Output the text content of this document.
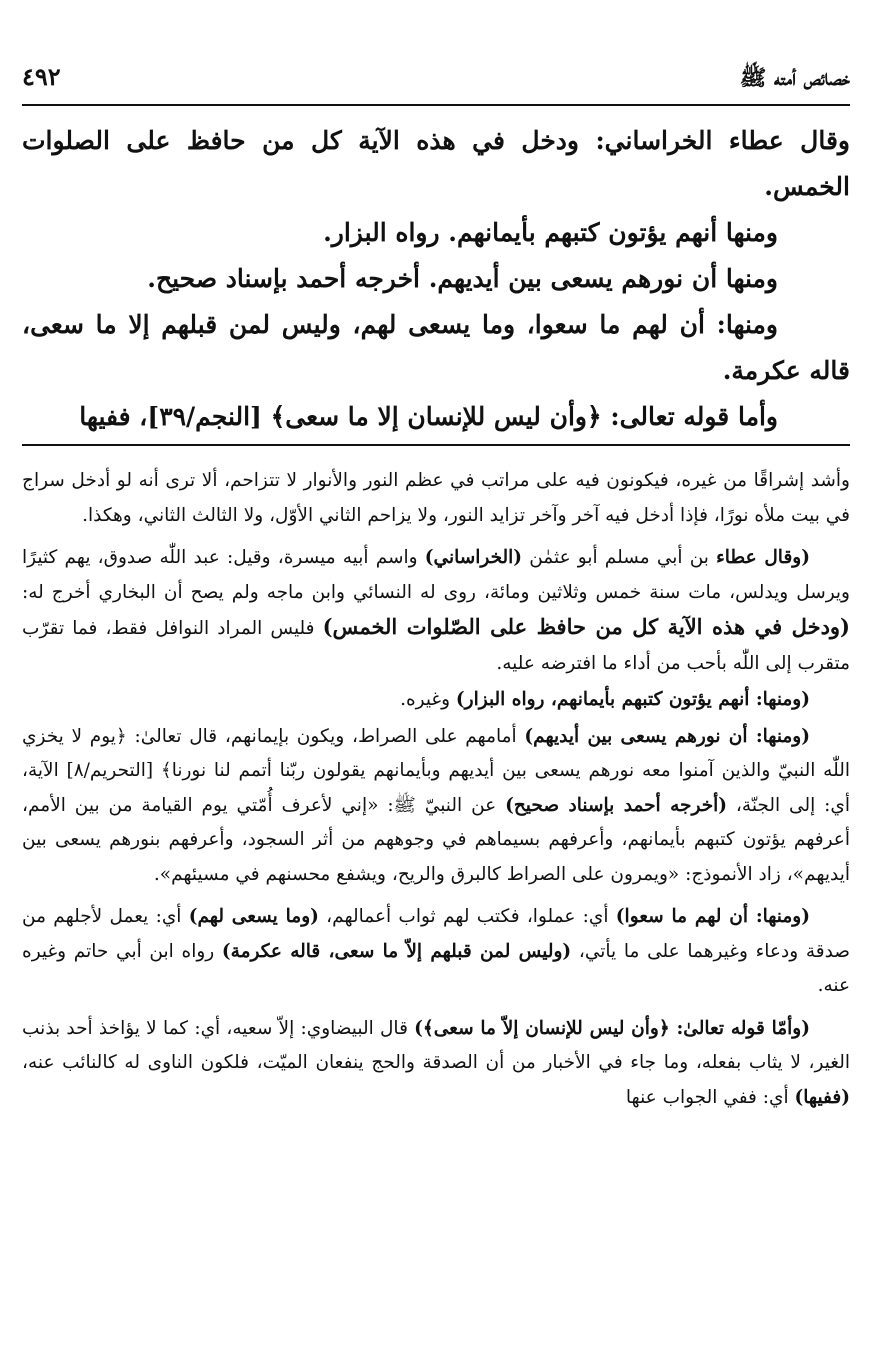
خصائص أمته ﷺ
٤٩٢

وقال عطاء الخراساني: ودخل في هذه الآية كل من حافظ على الصلوات الخمس.

ومنها أنهم يؤتون كتبهم بأيمانهم. رواه البزار.

ومنها أن نورهم يسعى بين أيديهم. أخرجه أحمد بإسناد صحيح.

ومنها: أن لهم ما سعوا، وما يسعى لهم، وليس لمن قبلهم إلا ما سعى، قاله عكرمة.

وأما قوله تعالى: ﴿وأن ليس للإنسان إلا ما سعى﴾ [النجم/٣٩]، ففيها

وأشد إشراقًا من غيره، فيكونون فيه على مراتب في عظم النور والأنوار لا تتزاحم، ألا ترى أنه لو أدخل سراج في بيت ملأه نورًا، فإذا أدخل فيه آخر وآخر تزايد النور، ولا يزاحم الثاني الأوّل، ولا الثالث الثاني، وهكذا.

(وقال عطاء بن أبي مسلم أبو عثمٰن (الخراساني) واسم أبيه ميسرة، وقيل: عبد اللّٰه صدوق، يهم كثيرًا ويرسل ويدلس، مات سنة خمس وثلاثين ومائة، روى له النسائي وابن ماجه ولم يصح أن البخاري أخرج له: (ودخل في هذه الآية كل من حافظ على الصّلوات الخمس) فليس المراد النوافل فقط، فما تقرّب متقرب إلى اللّٰه بأحب من أداء ما افترضه عليه.

(ومنها: أنهم يؤتون كتبهم بأيمانهم، رواه البزار) وغيره.

(ومنها: أن نورهم يسعى بين أيديهم) أمامهم على الصراط، ويكون بإيمانهم، قال تعالىٰ: ﴿يوم لا يخزي اللّٰه النبيّ والذين آمنوا معه نورهم يسعى بين أيديهم وبأيمانهم يقولون ربّنا أتمم لنا نورنا﴾ [التحريم/٨] الآية، أي: إلى الجنّة، (أخرجه أحمد بإسناد صحيح) عن النبيّ ﷺ: «إني لأعرف أُمّتي يوم القيامة من بين الأمم، أعرفهم يؤتون كتبهم بأيمانهم، وأعرفهم بسيماهم في وجوههم من أثر السجود، وأعرفهم بنورهم يسعى بين أيديهم»، زاد الأنموذج: «ويمرون على الصراط كالبرق والريح، ويشفع محسنهم في مسيئهم».

(ومنها: أن لهم ما سعوا) أي: عملوا، فكتب لهم ثواب أعمالهم، (وما يسعى لهم) أي: يعمل لأجلهم من صدقة ودعاء وغيرهما على ما يأتي، (وليس لمن قبلهم إلاّ ما سعى، قاله عكرمة) رواه ابن أبي حاتم وغيره عنه.

(وأمّا قوله تعالىٰ: ﴿وأن ليس للإنسان إلاّ ما سعى﴾) قال البيضاوي: إلاّ سعيه، أي: كما لا يؤاخذ أحد بذنب الغير، لا يثاب بفعله، وما جاء في الأخبار من أن الصدقة والحج ينفعان الميّت، فلكون الناوى له كالنائب عنه، (ففيها) أي: ففي الجواب عنها
